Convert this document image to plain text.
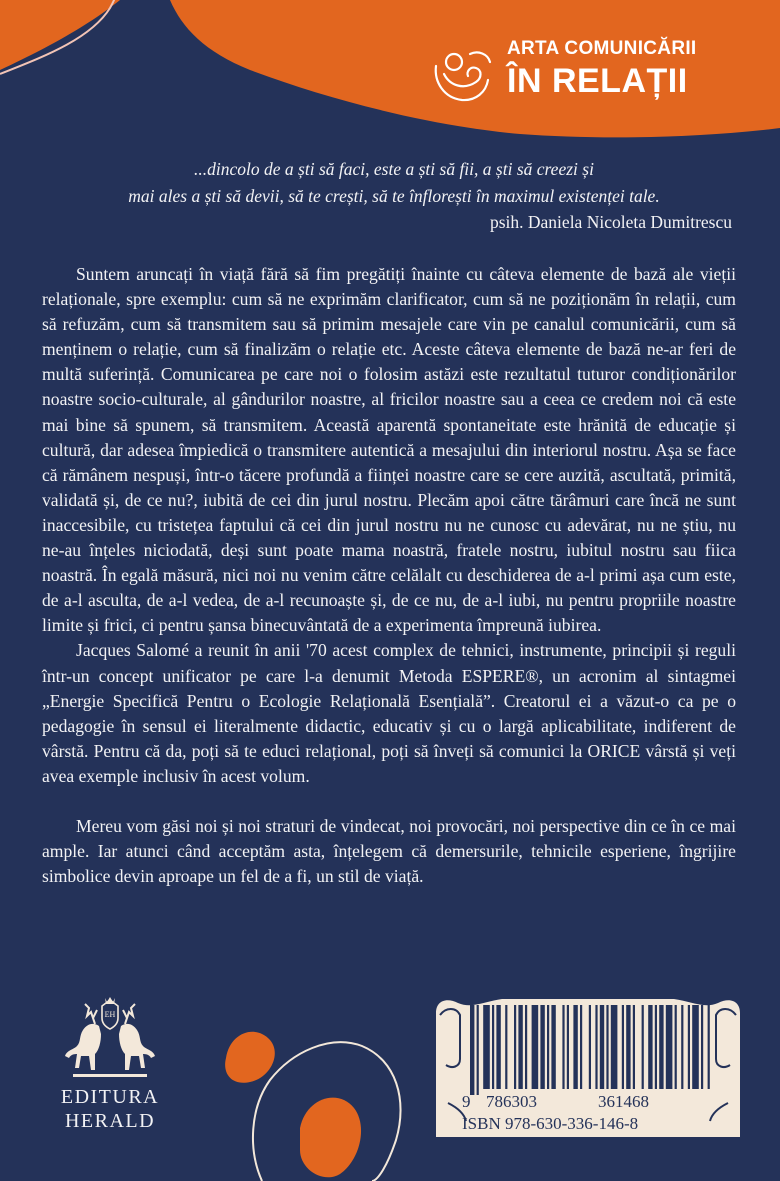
ARTA COMUNICĂRII
ÎN RELAȚII
...dincolo de a ști să faci, este a ști să fii, a ști să creezi și
mai ales a ști să devii, să te crești, să te înflorești în maximul existenței tale.
psih. Daniela Nicoleta Dumitrescu

Suntem aruncați în viață fără să fim pregătiți înainte cu câteva elemente de bază ale vieții relaționale, spre exemplu: cum să ne exprimăm clarificator, cum să ne poziționăm în relații, cum să refuzăm, cum să transmitem sau să primim mesajele care vin pe canalul comunicării, cum să menținem o relație, cum să finalizăm o relație etc. Aceste câteva elemente de bază ne-ar feri de multă suferință. Comunicarea pe care noi o folosim astăzi este rezultatul tuturor condiționărilor noastre socio-culturale, al gândurilor noastre, al fricilor noastre sau a ceea ce credem noi că este mai bine să spunem, să transmitem. Această aparentă spontaneitate este hrănită de educație și cultură, dar adesea împiedică o transmitere autentică a mesajului din interiorul nostru. Așa se face că rămânem nespuși, într-o tăcere profundă a ființei noastre care se cere auzită, ascultată, primită, validată și, de ce nu?, iubită de cei din jurul nostru. Plecăm apoi către tărâmuri care încă ne sunt inaccesibile, cu tristețea faptului că cei din jurul nostru nu ne cunosc cu adevărat, nu ne știu, nu ne-au înțeles niciodată, deși sunt poate mama noastră, fratele nostru, iubitul nostru sau fiica noastră. În egală măsură, nici noi nu venim către celălalt cu deschiderea de a-l primi așa cum este, de a-l asculta, de a-l vedea, de a-l recunoaște și, de ce nu, de a-l iubi, nu pentru propriile noastre limite și frici, ci pentru șansa binecuvântată de a experimenta împreună iubirea.

Jacques Salomé a reunit în anii '70 acest complex de tehnici, instrumente, principii și reguli într-un concept unificator pe care l-a denumit Metoda ESPERE®, un acronim al sintagmei „Energie Specifică Pentru o Ecologie Relațională Esențială”. Creatorul ei a văzut-o ca pe o pedagogie în sensul ei literalmente didactic, educativ și cu o largă aplicabilitate, indiferent de vârstă. Pentru că da, poți să te educi relațional, poți să înveți să comunici la ORICE vârstă și veți avea exemple inclusiv în acest volum.

Mereu vom găsi noi și noi straturi de vindecat, noi provocări, noi perspective din ce în ce mai ample. Iar atunci când acceptăm asta, înțelegem că demersurile, tehnicile esperiene, îngrijire simbolice devin aproape un fel de a fi, un stil de viață.

EH
EDITURA
HERALD
9 786303	361468
ISBN 978-630-336-146-8
